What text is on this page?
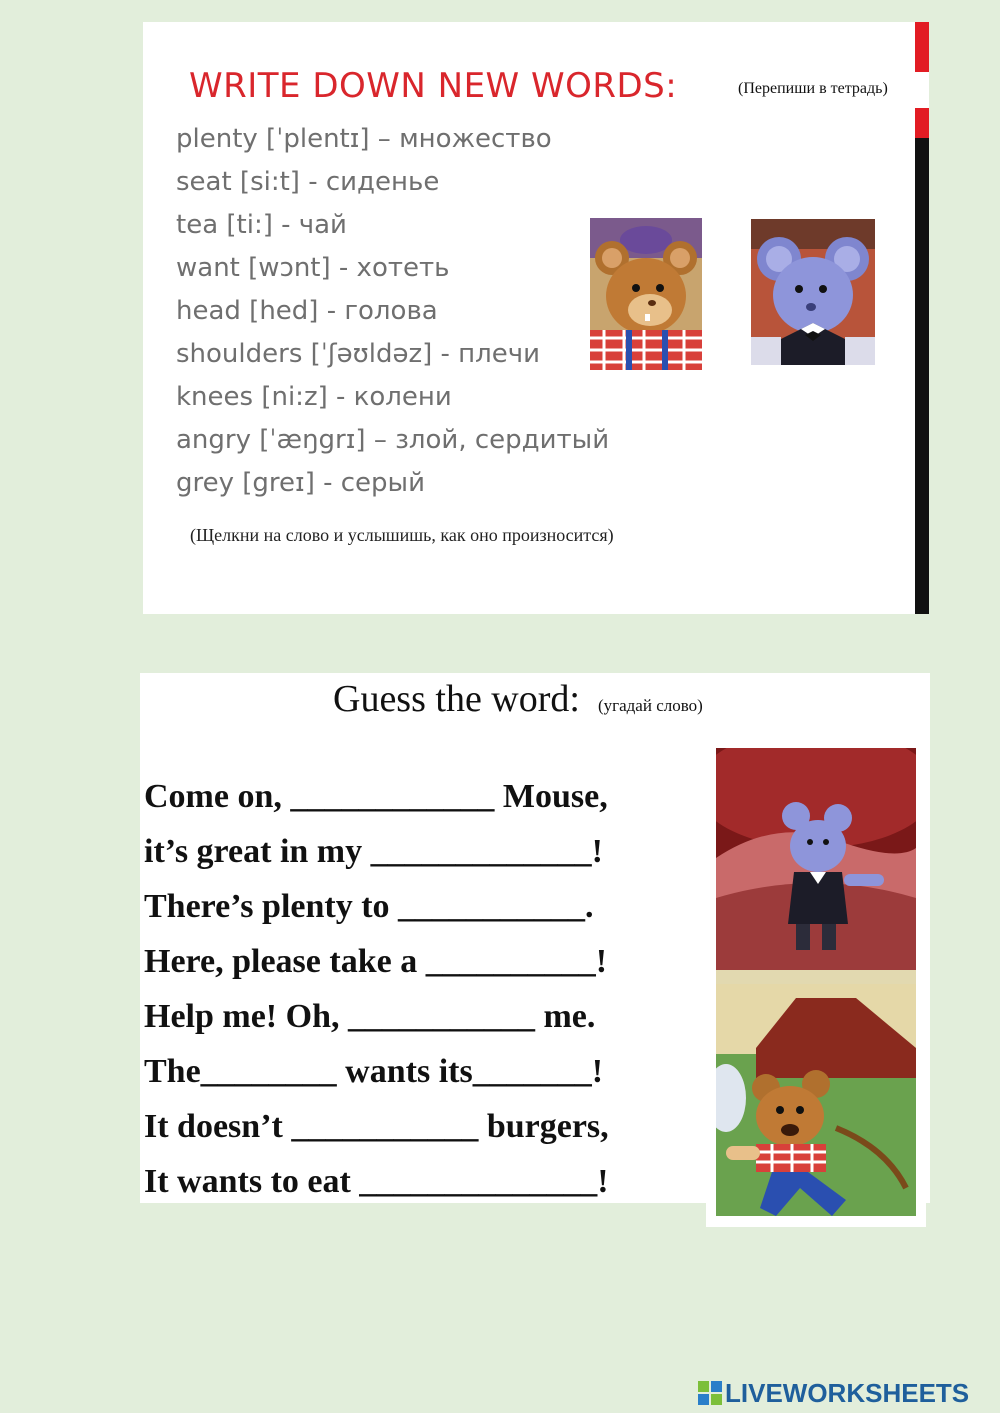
WRITE DOWN NEW WORDS:	(Перепиши в тетрадь)
plenty [ˈplentɪ] – множество
seat [si:t] - сиденье
tea [ti:] - чай
want [wɔnt] - хотеть
head [hed] - голова
shoulders [ˈʃəʊldəz] - плечи
knees [ni:z] - колени
angry [ˈæŋgrɪ] – злой, сердитый
grey [greɪ] - серый
(Щелкни на слово и услышишь, как оно произносится)
Guess the word: (угадай слово)
Come on, ____________ Mouse,
it’s great in my _____________!
There’s plenty to ___________.
Here, please take a __________!
Help me! Oh, ___________ me.
The________ wants its_______!
It doesn’t ___________ burgers,
It wants to eat ______________!
LIVEWORKSHEETS
